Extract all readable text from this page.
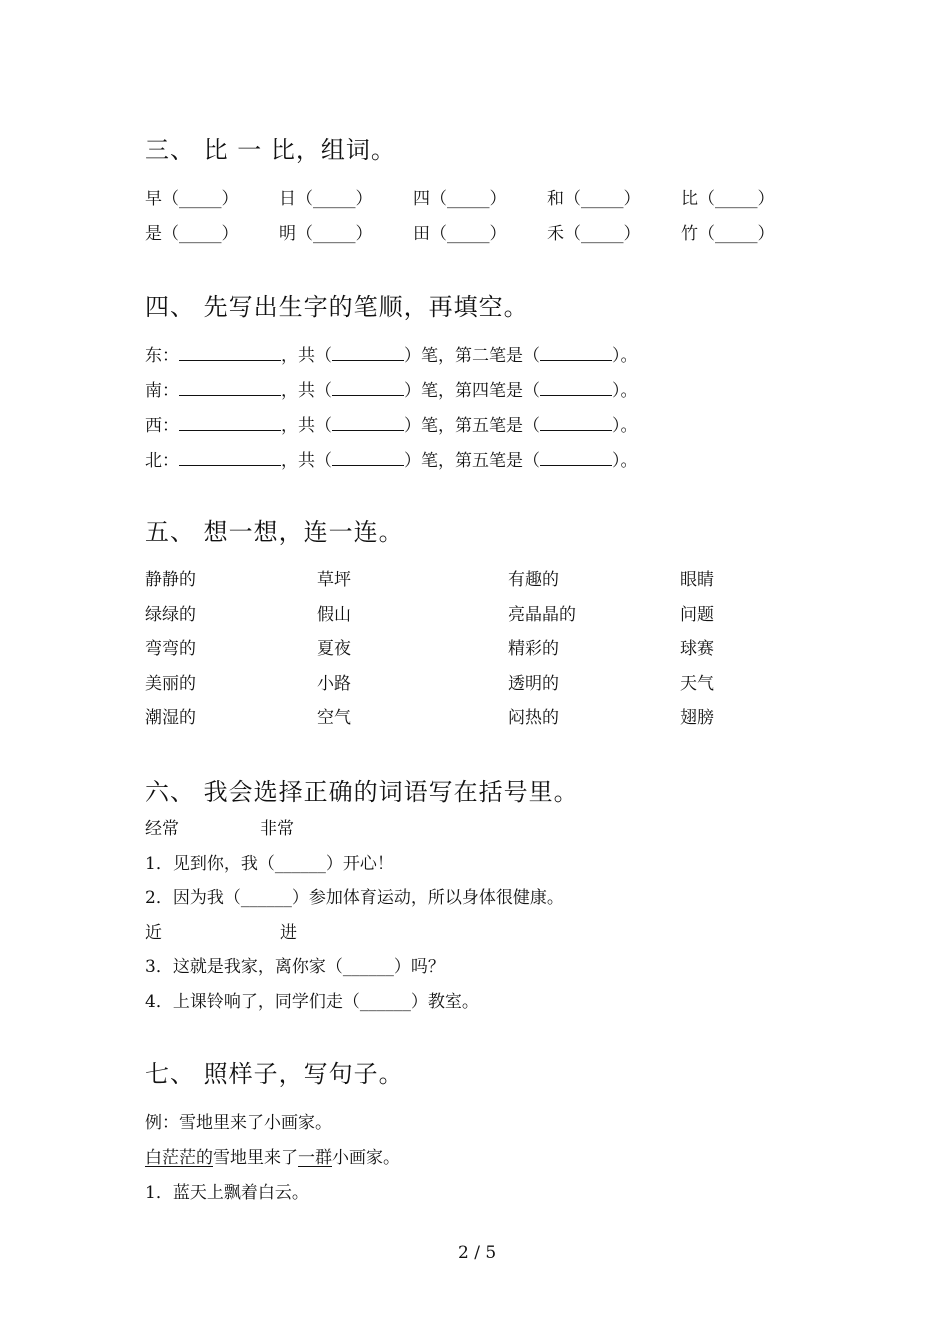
三、 比 一 比，组词。
早（_____） 日（_____） 四（_____） 和（_____） 比（_____）
是（_____） 明（_____） 田（_____） 禾（_____） 竹（_____）
四、 先写出生字的笔顺，再填空。
东：	，共（	）笔，第二笔是（	）。
南：	，共（	）笔，第四笔是（	）。
西：	，共（	）笔，第五笔是（	）。
北：	，共（	）笔，第五笔是（	）。
五、 想一想，连一连。
静静的	草坪	有趣的	眼睛
绿绿的	假山	亮晶晶的	问题
弯弯的	夏夜	精彩的	球赛
美丽的	小路	透明的	天气
潮湿的	空气	闷热的	翅膀
六、 我会选择正确的词语写在括号里。
经常	非常
1．见到你，我（______）开心！
2．因为我（______）参加体育运动，所以身体很健康。
近	进
3．这就是我家，离你家（______）吗？
4．上课铃响了，同学们走（______）教室。
七、 照样子，写句子。
例：雪地里来了小画家。
白茫茫的雪地里来了一群小画家。
1．蓝天上飘着白云。
2 / 5
